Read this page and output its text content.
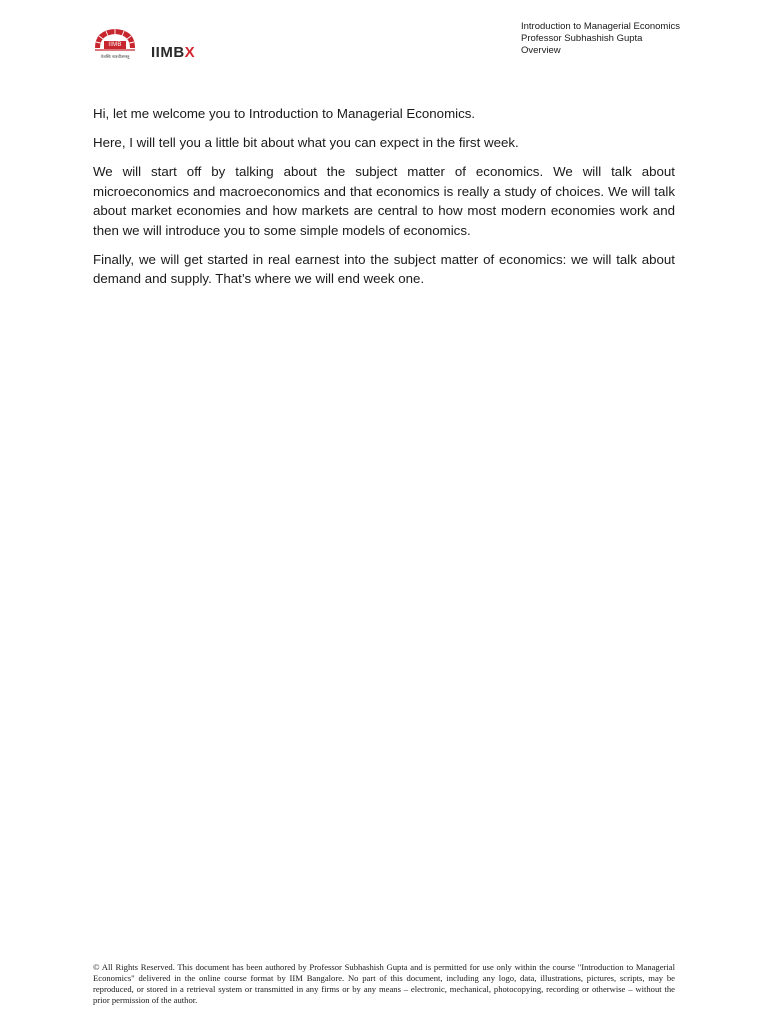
IIMB
तेजस्वि नावधीतमस्तु	IIMBX
Introduction to Managerial Economics
Professor Subhashish Gupta
Overview

Hi, let me welcome you to Introduction to Managerial Economics.

Here, I will tell you a little bit about what you can expect in the first week.

We will start off by talking about the subject matter of economics. We will talk about microeconomics and macroeconomics and that economics is really a study of choices. We will talk about market economies and how markets are central to how most modern economies work and then we will introduce you to some simple models of economics.

Finally, we will get started in real earnest into the subject matter of economics: we will talk about demand and supply. That’s where we will end week one.

© All Rights Reserved. This document has been authored by Professor Subhashish Gupta and is permitted for use only within the course "Introduction to Managerial Economics" delivered in the online course format by IIM Bangalore. No part of this document, including any logo, data, illustrations, pictures, scripts, may be reproduced, or stored in a retrieval system or transmitted in any firms or by any means – electronic, mechanical, photocopying, recording or otherwise – without the prior permission of the author.
